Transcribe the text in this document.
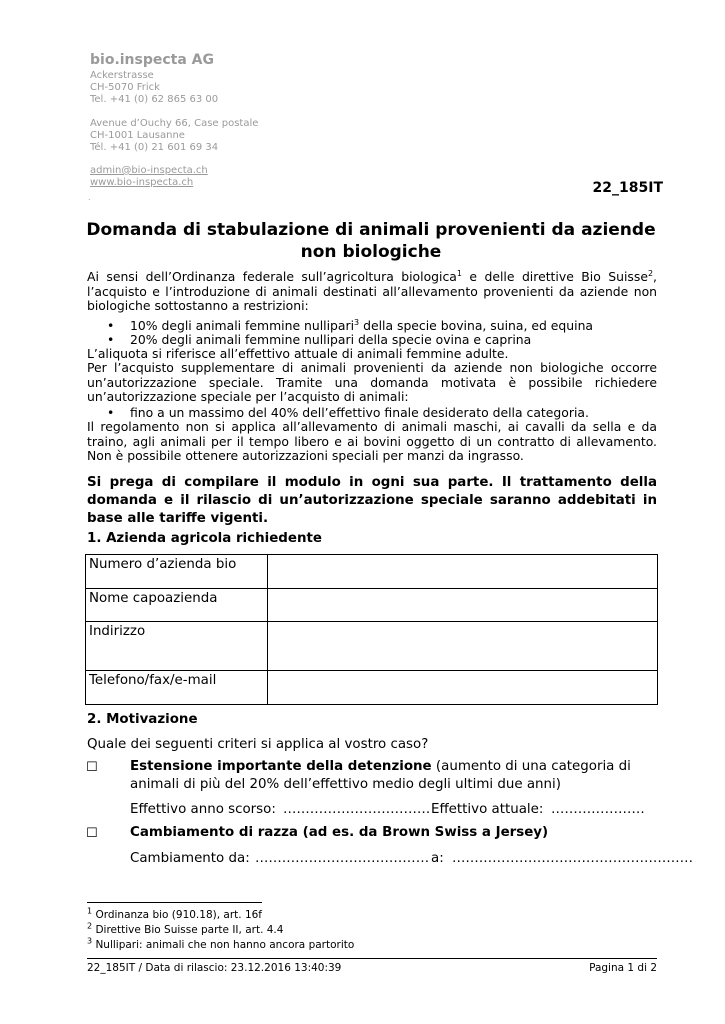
bio.inspecta AG
Ackerstrasse
CH-5070 Frick
Tel. +41 (0) 62 865 63 00
Avenue d’Ouchy 66, Case postale
CH-1001 Lausanne
Tél. +41 (0) 21 601 69 34
admin@bio-inspecta.ch
www.bio-inspecta.ch
.
22_185IT
Domanda di stabulazione di animali provenienti da aziende
non biologiche
Ai sensi dell’Ordinanza federale sull’agricoltura biologica$^1$ e delle direttive Bio Suisse$^2$, l’acquisto e l’introduzione di animali destinati all’allevamento provenienti da aziende non biologiche sottostanno a restrizioni:
• 10% degli animali femmine nullipari$^3$ della specie bovina, suina, ed equina
• 20% degli animali femmine nullipari della specie ovina e caprina
L’aliquota si riferisce all’effettivo attuale di animali femmine adulte.
Per l’acquisto supplementare di animali provenienti da aziende non biologiche occorre un’autorizzazione speciale. Tramite una domanda motivata è possibile richiedere un’autorizzazione speciale per l’acquisto di animali:
• fino a un massimo del 40% dell’effettivo finale desiderato della categoria.
Il regolamento non si applica all’allevamento di animali maschi, ai cavalli da sella e da traino, agli animali per il tempo libero e ai bovini oggetto di un contratto di allevamento. Non è possibile ottenere autorizzazioni speciali per manzi da ingrasso.
Si prega di compilare il modulo in ogni sua parte. Il trattamento della domanda e il rilascio di un’autorizzazione speciale saranno addebitati in base alle tariffe vigenti.
1. Azienda agricola richiedente
Numero d’azienda bio	
Nome capoazienda	
Indirizzo	
Telefono/fax/e-mail	
2. Motivazione
Quale dei seguenti criteri si applica al vostro caso?
☐ Estensione importante della detenzione (aumento di una categoria di
animali di più del 20% dell’effettivo medio degli ultimi due anni)
Effettivo anno scorso: …………………………… Effettivo attuale: …………………
☐ Cambiamento di razza (ad es. da Brown Swiss a Jersey)
Cambiamento da: ………………………………… a: ………………………………………………
$^1$ Ordinanza bio (910.18), art. 16f
$^2$ Direttive Bio Suisse parte II, art. 4.4
$^3$ Nullipari: animali che non hanno ancora partorito
22_185IT / Data di rilascio: 23.12.2016 13:40:39	Pagina 1 di 2
